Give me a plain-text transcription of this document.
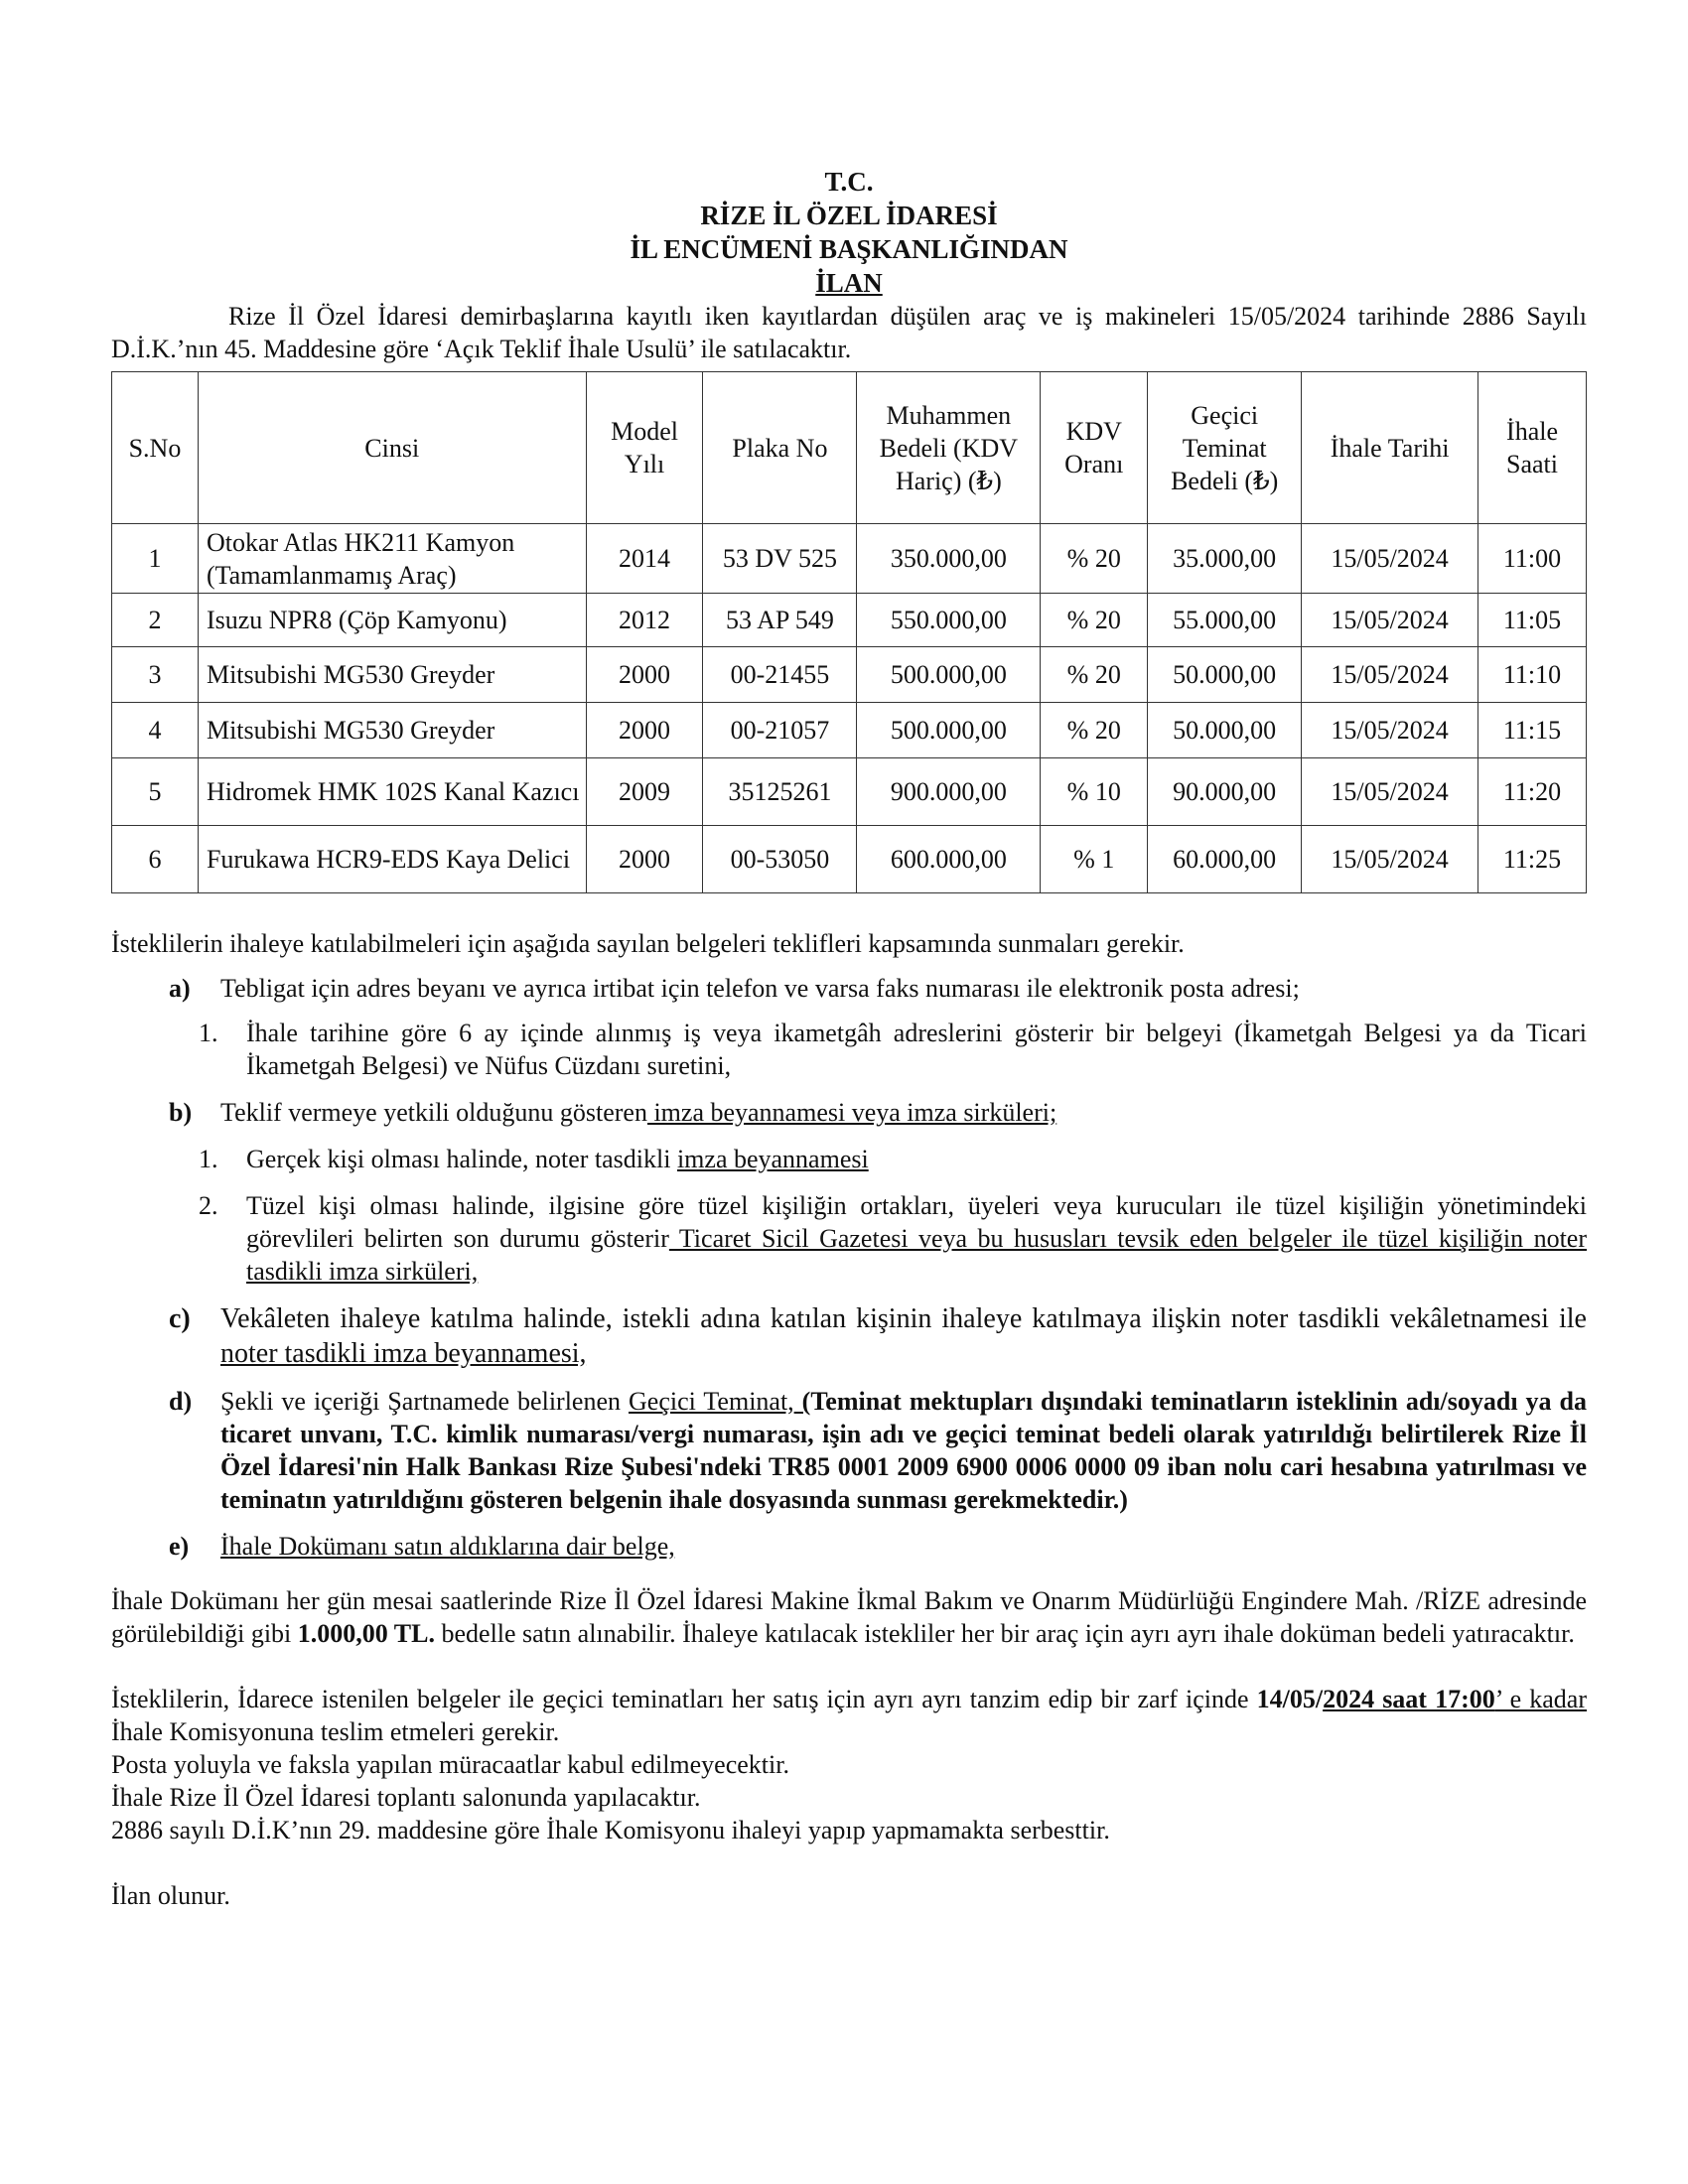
T.C.
RİZE İL ÖZEL İDARESİ
İL ENCÜMENİ BAŞKANLIĞINDAN
İLAN

Rize İl Özel İdaresi demirbaşlarına kayıtlı iken kayıtlardan düşülen araç ve iş makineleri 15/05/2024 tarihinde 2886 Sayılı D.İ.K.’nın 45. Maddesine göre ‘Açık Teklif İhale Usulü’ ile satılacaktır.

S.No	Cinsi	Model Yılı	Plaka No	Muhammen Bedeli (KDV Hariç) (₺)	KDV Oranı	Geçici Teminat Bedeli (₺)	İhale Tarihi	İhale Saati
1	Otokar Atlas HK211 Kamyon (Tamamlanmamış Araç)	2014	53 DV 525	350.000,00	% 20	35.000,00	15/05/2024	11:00
2	Isuzu NPR8 (Çöp Kamyonu)	2012	53 AP 549	550.000,00	% 20	55.000,00	15/05/2024	11:05
3	Mitsubishi MG530 Greyder	2000	00-21455	500.000,00	% 20	50.000,00	15/05/2024	11:10
4	Mitsubishi MG530 Greyder	2000	00-21057	500.000,00	% 20	50.000,00	15/05/2024	11:15
5	Hidromek HMK 102S Kanal Kazıcı	2009	35125261	900.000,00	% 10	90.000,00	15/05/2024	11:20
6	Furukawa HCR9-EDS Kaya Delici	2000	00-53050	600.000,00	% 1	60.000,00	15/05/2024	11:25

İsteklilerin ihaleye katılabilmeleri için aşağıda sayılan belgeleri teklifleri kapsamında sunmaları gerekir.

a) Tebligat için adres beyanı ve ayrıca irtibat için telefon ve varsa faks numarası ile elektronik posta adresi;

1. İhale tarihine göre 6 ay içinde alınmış iş veya ikametgâh adreslerini gösterir bir belgeyi (İkametgah Belgesi ya da Ticari İkametgah Belgesi) ve Nüfus Cüzdanı suretini,

b) Teklif vermeye yetkili olduğunu gösteren imza beyannamesi veya imza sirküleri;

1. Gerçek kişi olması halinde, noter tasdikli imza beyannamesi

2. Tüzel kişi olması halinde, ilgisine göre tüzel kişiliğin ortakları, üyeleri veya kurucuları ile tüzel kişiliğin yönetimindeki görevlileri belirten son durumu gösterir Ticaret Sicil Gazetesi veya bu hususları tevsik eden belgeler ile tüzel kişiliğin noter tasdikli imza sirküleri,

c) Vekâleten ihaleye katılma halinde, istekli adına katılan kişinin ihaleye katılmaya ilişkin noter tasdikli vekâletnamesi ile noter tasdikli imza beyannamesi,

d) Şekli ve içeriği Şartnamede belirlenen Geçici Teminat, (Teminat mektupları dışındaki teminatların isteklinin adı/soyadı ya da ticaret unvanı, T.C. kimlik numarası/vergi numarası, işin adı ve geçici teminat bedeli olarak yatırıldığı belirtilerek Rize İl Özel İdaresi'nin Halk Bankası Rize Şubesi'ndeki TR85 0001 2009 6900 0006 0000 09 iban nolu cari hesabına yatırılması ve teminatın yatırıldığını gösteren belgenin ihale dosyasında sunması gerekmektedir.)

e) İhale Dokümanı satın aldıklarına dair belge,

İhale Dokümanı her gün mesai saatlerinde Rize İl Özel İdaresi Makine İkmal Bakım ve Onarım Müdürlüğü Engindere Mah. /RİZE adresinde görülebildiği gibi 1.000,00 TL. bedelle satın alınabilir. İhaleye katılacak istekliler her bir araç için ayrı ayrı ihale doküman bedeli yatıracaktır.

İsteklilerin, İdarece istenilen belgeler ile geçici teminatları her satış için ayrı ayrı tanzim edip bir zarf içinde 14/05/2024 saat 17:00’ e kadar İhale Komisyonuna teslim etmeleri gerekir.

Posta yoluyla ve faksla yapılan müracaatlar kabul edilmeyecektir.

İhale Rize İl Özel İdaresi toplantı salonunda yapılacaktır.

2886 sayılı D.İ.K’nın 29. maddesine göre İhale Komisyonu ihaleyi yapıp yapmamakta serbesttir.

İlan olunur.
